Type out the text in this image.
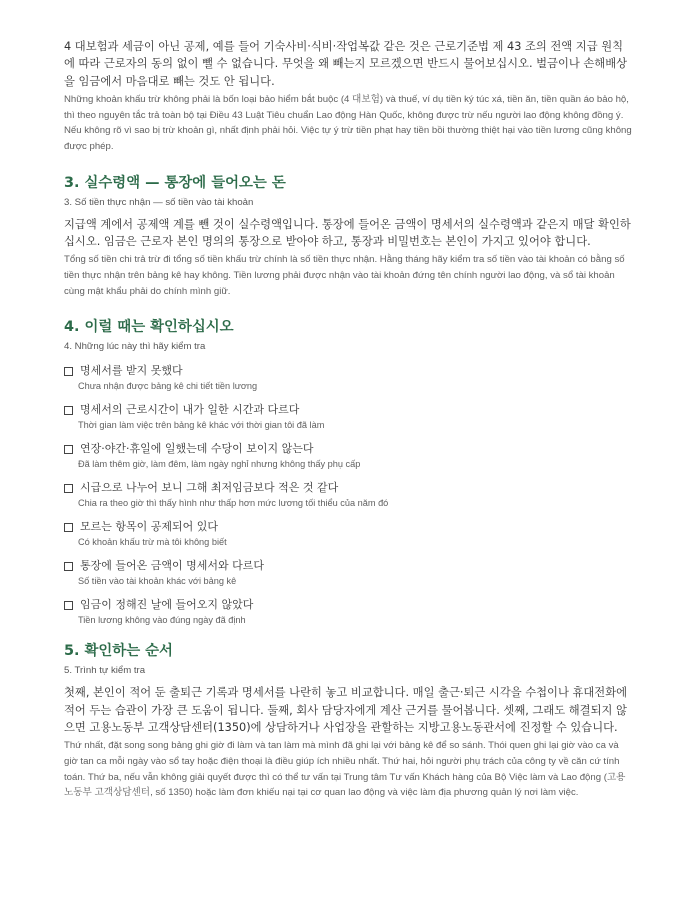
4 대보험과 세금이 아닌 공제, 예를 들어 기숙사비·식비·작업복값 같은 것은 근로기준법 제 43 조의 전액 지급 원칙에 따라 근로자의 동의 없이 뺄 수 없습니다. 무엇을 왜 빼는지 모르겠으면 반드시 물어보십시오. 벌금이나 손해배상을 임금에서 마음대로 빼는 것도 안 됩니다.

Những khoản khấu trừ không phải là bốn loại bảo hiểm bắt buộc (4 대보험) và thuế, ví dụ tiền ký túc xá, tiền ăn, tiền quần áo bảo hộ, thì theo nguyên tắc trả toàn bộ tại Điều 43 Luật Tiêu chuẩn Lao động Hàn Quốc, không được trừ nếu người lao động không đồng ý. Nếu không rõ vì sao bị trừ khoản gì, nhất định phải hỏi. Việc tự ý trừ tiền phạt hay tiền bồi thường thiệt hại vào tiền lương cũng không được phép.

3. 실수령액 — 통장에 들어오는 돈

3. Số tiền thực nhận — số tiền vào tài khoản

지급액 계에서 공제액 계를 뺀 것이 실수령액입니다. 통장에 들어온 금액이 명세서의 실수령액과 같은지 매달 확인하십시오. 임금은 근로자 본인 명의의 통장으로 받아야 하고, 통장과 비밀번호는 본인이 가지고 있어야 합니다.

Tổng số tiền chi trả trừ đi tổng số tiền khấu trừ chính là số tiền thực nhận. Hằng tháng hãy kiểm tra số tiền vào tài khoản có bằng số tiền thực nhận trên bảng kê hay không. Tiền lương phải được nhận vào tài khoản đứng tên chính người lao động, và sổ tài khoản cùng mật khẩu phải do chính mình giữ.

4. 이럴 때는 확인하십시오

4. Những lúc này thì hãy kiểm tra

명세서를 받지 못했다
Chưa nhận được bảng kê chi tiết tiền lương
명세서의 근로시간이 내가 일한 시간과 다르다
Thời gian làm việc trên bảng kê khác với thời gian tôi đã làm
연장·야간·휴일에 일했는데 수당이 보이지 않는다
Đã làm thêm giờ, làm đêm, làm ngày nghỉ nhưng không thấy phụ cấp
시급으로 나누어 보니 그해 최저임금보다 적은 것 같다
Chia ra theo giờ thì thấy hình như thấp hơn mức lương tối thiểu của năm đó
모르는 항목이 공제되어 있다
Có khoản khấu trừ mà tôi không biết
통장에 들어온 금액이 명세서와 다르다
Số tiền vào tài khoản khác với bảng kê
임금이 정해진 날에 들어오지 않았다
Tiền lương không vào đúng ngày đã định
5. 확인하는 순서

5. Trình tự kiểm tra

첫째, 본인이 적어 둔 출퇴근 기록과 명세서를 나란히 놓고 비교합니다. 매일 출근·퇴근 시각을 수첩이나 휴대전화에 적어 두는 습관이 가장 큰 도움이 됩니다. 둘째, 회사 담당자에게 계산 근거를 물어봅니다. 셋째, 그래도 해결되지 않으면 고용노동부 고객상담센터(1350)에 상담하거나 사업장을 관할하는 지방고용노동관서에 진정할 수 있습니다.

Thứ nhất, đặt song song bảng ghi giờ đi làm và tan làm mà mình đã ghi lại với bảng kê để so sánh. Thói quen ghi lại giờ vào ca và giờ tan ca mỗi ngày vào sổ tay hoặc điện thoại là điều giúp ích nhiều nhất. Thứ hai, hỏi người phụ trách của công ty về căn cứ tính toán. Thứ ba, nếu vẫn không giải quyết được thì có thể tư vấn tại Trung tâm Tư vấn Khách hàng của Bộ Việc làm và Lao động (고용노동부 고객상담센터, số 1350) hoặc làm đơn khiếu nại tại cơ quan lao động và việc làm địa phương quản lý nơi làm việc.
